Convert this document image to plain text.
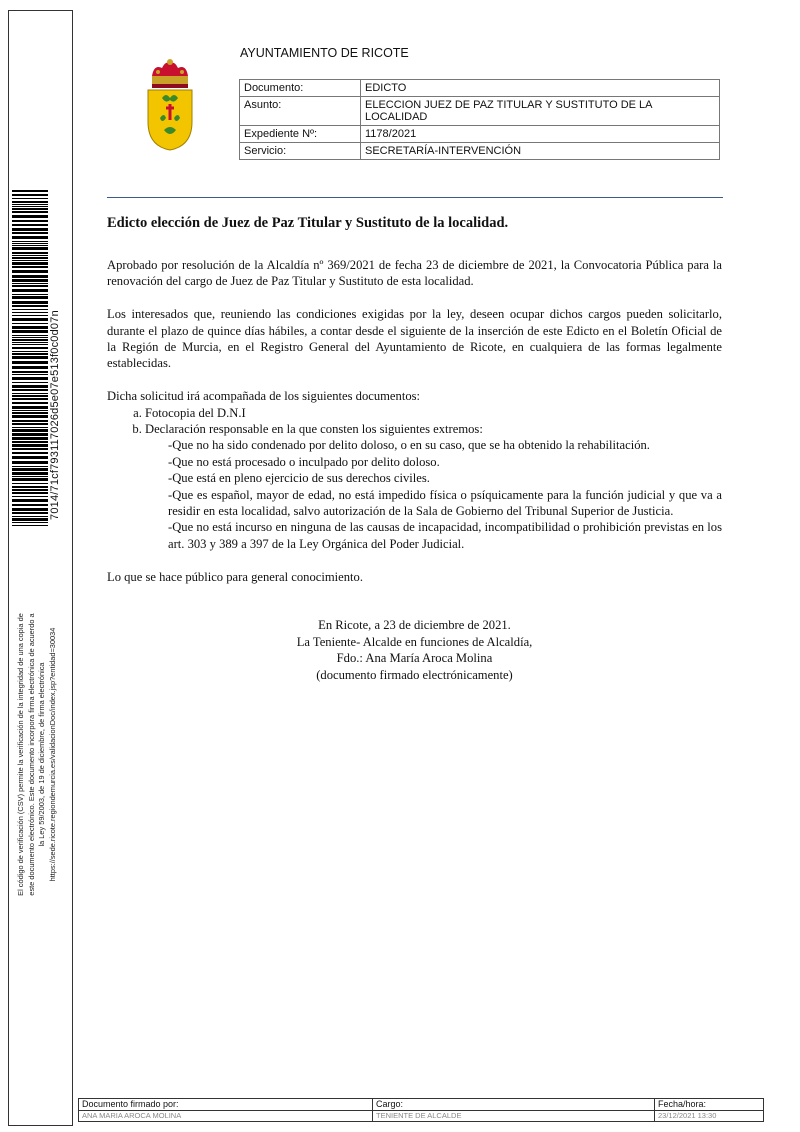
7014/71cf793117026d5e07e513f0c0d07n
El código de verificación (CSV) permite la verificación de la integridad de una copia de este documento electrónico. Este documento incorpora firma electrónica de acuerdo a la Ley 59/2003, de 19 de diciembre, de firma electrónica https://sede.ricote.regiondemurcia.es/validacionDoc/index.jsp?entidad=30034
AYUNTAMIENTO DE RICOTE
Documento:	EDICTO
Asunto:	ELECCION JUEZ DE PAZ TITULAR Y SUSTITUTO DE LA LOCALIDAD
Expediente Nº:	1178/2021
Servicio:	SECRETARÍA-INTERVENCIÓN
Edicto elección de Juez de Paz Titular y Sustituto de la localidad.

Aprobado por resolución de la Alcaldía nº 369/2021 de fecha 23 de diciembre de 2021, la Convocatoria Pública para la renovación del cargo de Juez de Paz Titular y Sustituto de esta localidad.

Los interesados que, reuniendo las condiciones exigidas por la ley, deseen ocupar dichos cargos pueden solicitarlo, durante el plazo de quince días hábiles, a contar desde el siguiente de la inserción de este Edicto en el Boletín Oficial de la Región de Murcia, en el Registro General del Ayuntamiento de Ricote, en cualquiera de las formas legalmente establecidas.

Dicha solicitud irá acompañada de los siguientes documentos:
a. Fotocopia del D.N.I
b. Declaración responsable en la que consten los siguientes extremos:
-Que no ha sido condenado por delito doloso, o en su caso, que se ha obtenido la rehabilitación.
-Que no está procesado o inculpado por delito doloso.
-Que está en pleno ejercicio de sus derechos civiles.
-Que es español, mayor de edad, no está impedido física o psíquicamente para la función judicial y que va a residir en esta localidad, salvo autorización de la Sala de Gobierno del Tribunal Superior de Justicia.
-Que no está incurso en ninguna de las causas de incapacidad, incompatibilidad o prohibición previstas en los art. 303 y 389 a 397 de la Ley Orgánica del Poder Judicial.
Lo que se hace público para general conocimiento.
En Ricote, a 23 de diciembre de 2021.
La Teniente- Alcalde en funciones de Alcaldía,
Fdo.: Ana María Aroca Molina
(documento firmado electrónicamente)
Documento firmado por:	Cargo:	Fecha/hora:
ANA MARIA AROCA MOLINA	TENIENTE DE ALCALDE	23/12/2021 13:30
